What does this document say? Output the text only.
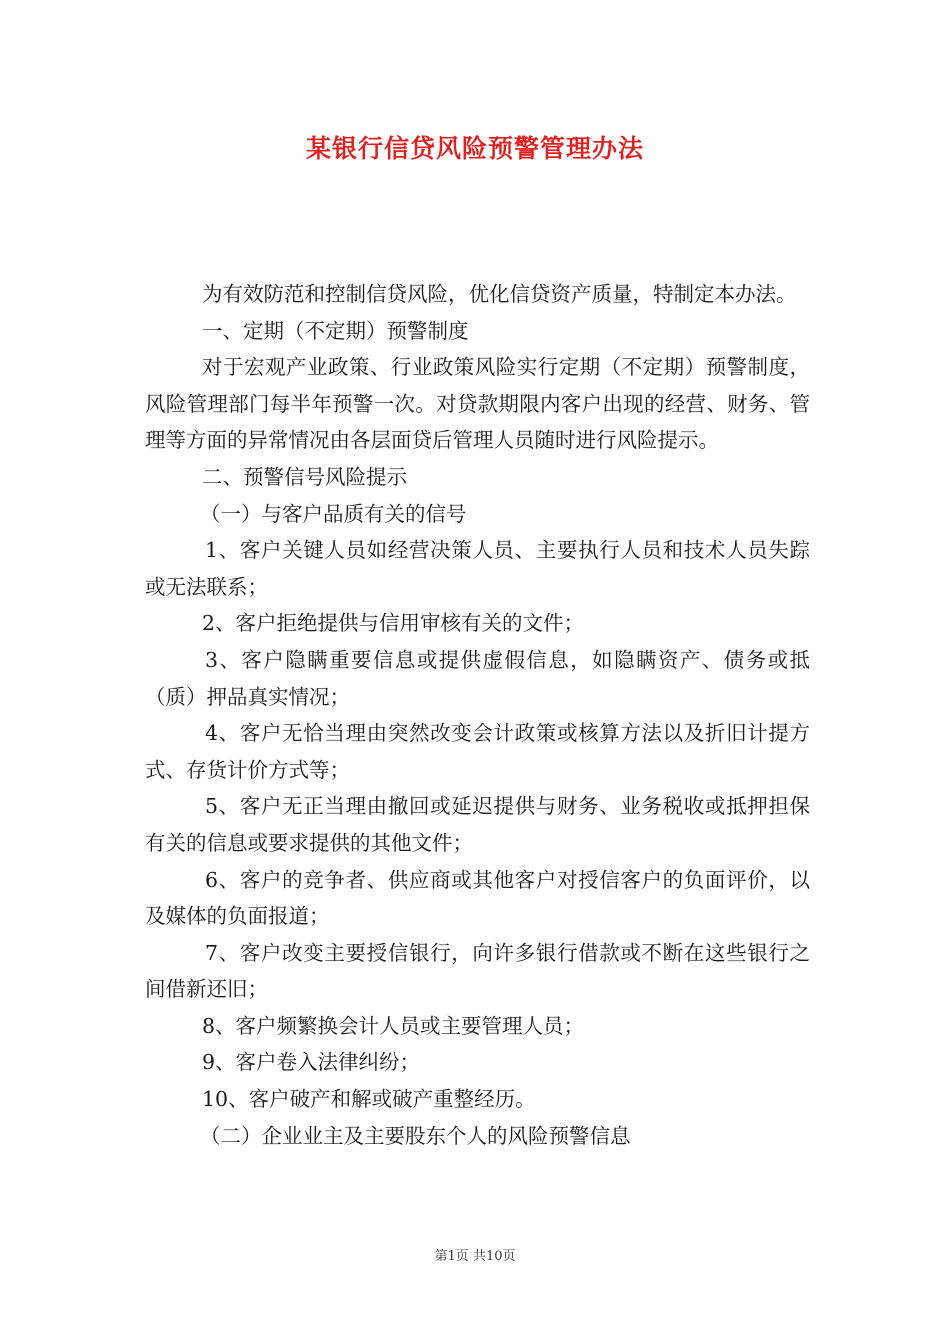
某银行信贷风险预警管理办法

为有效防范和控制信贷风险，优化信贷资产质量，特制定本办法。

一、定期（不定期）预警制度

对于宏观产业政策、行业政策风险实行定期（不定期）预警制度，风险管理部门每半年预警一次。对贷款期限内客户出现的经营、财务、管理等方面的异常情况由各层面贷后管理人员随时进行风险提示。

二、预警信号风险提示

（一）与客户品质有关的信号

1、客户关键人员如经营决策人员、主要执行人员和技术人员失踪或无法联系；

2、客户拒绝提供与信用审核有关的文件；

3、客户隐瞒重要信息或提供虚假信息，如隐瞒资产、债务或抵（质）押品真实情况；

4、客户无恰当理由突然改变会计政策或核算方法以及折旧计提方式、存货计价方式等；

5、客户无正当理由撤回或延迟提供与财务、业务税收或抵押担保有关的信息或要求提供的其他文件；

6、客户的竞争者、供应商或其他客户对授信客户的负面评价，以及媒体的负面报道；

7、客户改变主要授信银行，向许多银行借款或不断在这些银行之间借新还旧；

8、客户频繁换会计人员或主要管理人员；

9、客户卷入法律纠纷；

10、客户破产和解或破产重整经历。

（二）企业业主及主要股东个人的风险预警信息

第1页 共10页
